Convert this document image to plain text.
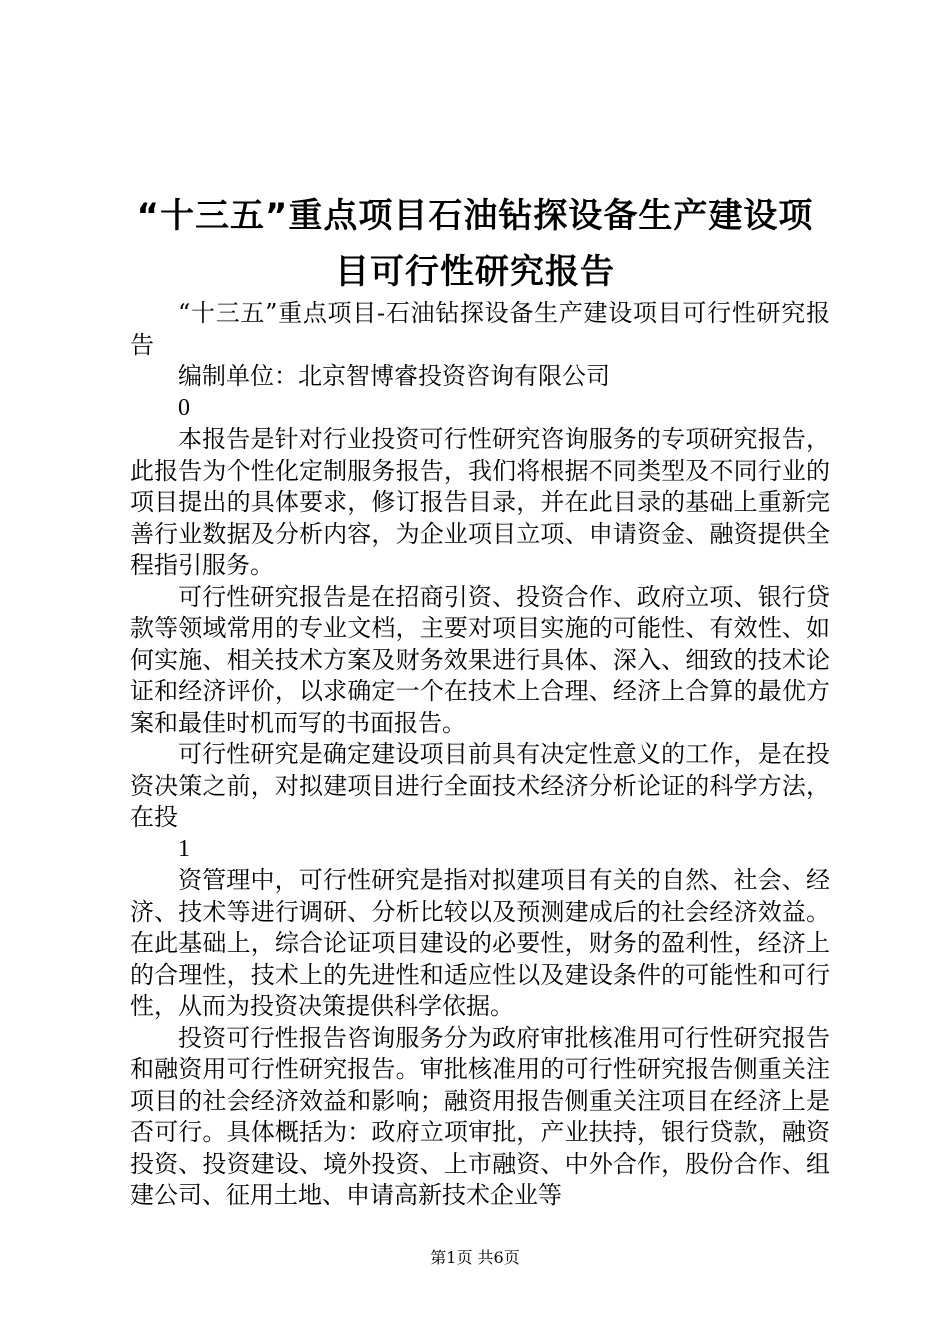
“十三五”重点项目石油钻探设备生产建设项
目可行性研究报告

“十三五”重点项目-石油钻探设备生产建设项目可行性研究报告

编制单位：北京智博睿投资咨询有限公司

0

本报告是针对行业投资可行性研究咨询服务的专项研究报告，此报告为个性化定制服务报告，我们将根据不同类型及不同行业的项目提出的具体要求，修订报告目录，并在此目录的基础上重新完善行业数据及分析内容，为企业项目立项、申请资金、融资提供全程指引服务。

可行性研究报告是在招商引资、投资合作、政府立项、银行贷款等领域常用的专业文档，主要对项目实施的可能性、有效性、如何实施、相关技术方案及财务效果进行具体、深入、细致的技术论证和经济评价，以求确定一个在技术上合理、经济上合算的最优方案和最佳时机而写的书面报告。

可行性研究是确定建设项目前具有决定性意义的工作，是在投资决策之前，对拟建项目进行全面技术经济分析论证的科学方法，在投

1

资管理中，可行性研究是指对拟建项目有关的自然、社会、经济、技术等进行调研、分析比较以及预测建成后的社会经济效益。在此基础上，综合论证项目建设的必要性，财务的盈利性，经济上的合理性，技术上的先进性和适应性以及建设条件的可能性和可行性，从而为投资决策提供科学依据。

投资可行性报告咨询服务分为政府审批核准用可行性研究报告和融资用可行性研究报告。审批核准用的可行性研究报告侧重关注项目的社会经济效益和影响；融资用报告侧重关注项目在经济上是否可行。具体概括为：政府立项审批，产业扶持，银行贷款，融资投资、投资建设、境外投资、上市融资、中外合作，股份合作、组建公司、征用土地、申请高新技术企业等

第1页 共6页
